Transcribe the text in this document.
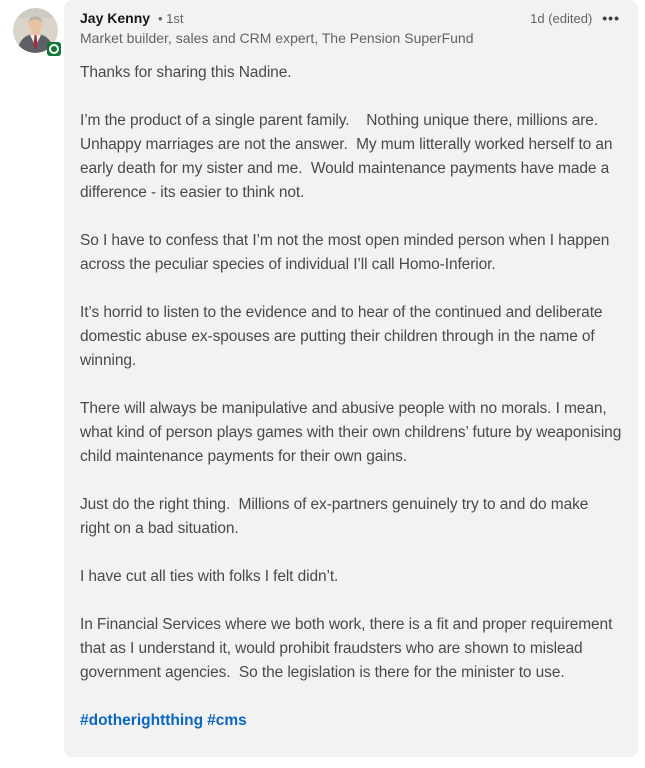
Jay Kenny • 1st
Market builder, sales and CRM expert, The Pension SuperFund
1d (edited) •••

Thanks for sharing this Nadine.

I’m the product of a single parent family.    Nothing unique there, millions are.   Unhappy marriages are not the answer.  My mum litterally worked herself to an early death for my sister and me.  Would maintenance payments have made a difference - its easier to think not.

So I have to confess that I’m not the most open minded person when I happen across the peculiar species of individual I’ll call Homo-Inferior.

It’s horrid to listen to the evidence and to hear of the continued and deliberate domestic abuse ex-spouses are putting their children through in the name of winning.

There will always be manipulative and abusive people with no morals. I mean, what kind of person plays games with their own childrens’ future by weaponising child maintenance payments for their own gains.

Just do the right thing.  Millions of ex-partners genuinely try to and do make right on a bad situation.

I have cut all ties with folks I felt didn’t.

In Financial Services where we both work, there is a fit and proper requirement that as I understand it, would prohibit fraudsters who are shown to mislead government agencies.  So the legislation is there for the minister to use.

#dotherightthing #cms
